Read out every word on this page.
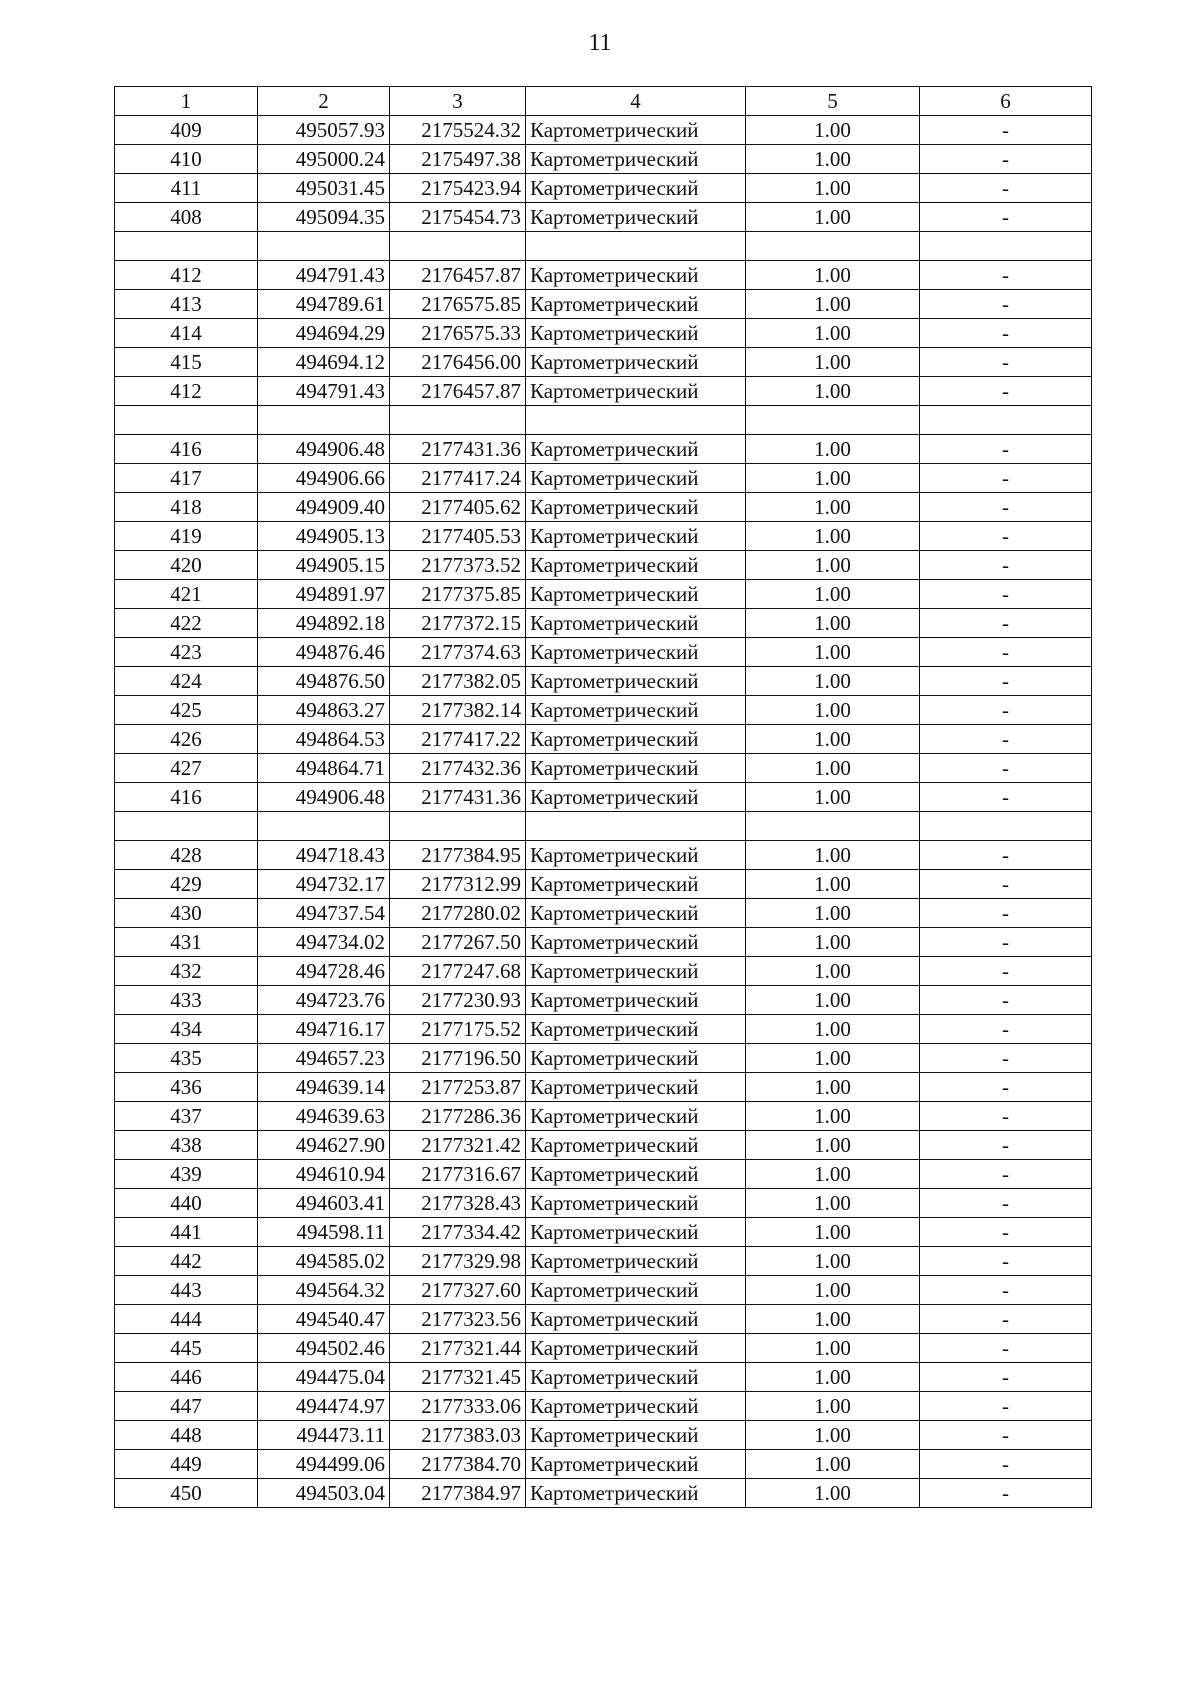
11
1	2	3	4	5	6
409	495057.93	2175524.32	Картометрический	1.00	-
410	495000.24	2175497.38	Картометрический	1.00	-
411	495031.45	2175423.94	Картометрический	1.00	-
408	495094.35	2175454.73	Картометрический	1.00	-

412	494791.43	2176457.87	Картометрический	1.00	-
413	494789.61	2176575.85	Картометрический	1.00	-
414	494694.29	2176575.33	Картометрический	1.00	-
415	494694.12	2176456.00	Картометрический	1.00	-
412	494791.43	2176457.87	Картометрический	1.00	-

416	494906.48	2177431.36	Картометрический	1.00	-
417	494906.66	2177417.24	Картометрический	1.00	-
418	494909.40	2177405.62	Картометрический	1.00	-
419	494905.13	2177405.53	Картометрический	1.00	-
420	494905.15	2177373.52	Картометрический	1.00	-
421	494891.97	2177375.85	Картометрический	1.00	-
422	494892.18	2177372.15	Картометрический	1.00	-
423	494876.46	2177374.63	Картометрический	1.00	-
424	494876.50	2177382.05	Картометрический	1.00	-
425	494863.27	2177382.14	Картометрический	1.00	-
426	494864.53	2177417.22	Картометрический	1.00	-
427	494864.71	2177432.36	Картометрический	1.00	-
416	494906.48	2177431.36	Картометрический	1.00	-

428	494718.43	2177384.95	Картометрический	1.00	-
429	494732.17	2177312.99	Картометрический	1.00	-
430	494737.54	2177280.02	Картометрический	1.00	-
431	494734.02	2177267.50	Картометрический	1.00	-
432	494728.46	2177247.68	Картометрический	1.00	-
433	494723.76	2177230.93	Картометрический	1.00	-
434	494716.17	2177175.52	Картометрический	1.00	-
435	494657.23	2177196.50	Картометрический	1.00	-
436	494639.14	2177253.87	Картометрический	1.00	-
437	494639.63	2177286.36	Картометрический	1.00	-
438	494627.90	2177321.42	Картометрический	1.00	-
439	494610.94	2177316.67	Картометрический	1.00	-
440	494603.41	2177328.43	Картометрический	1.00	-
441	494598.11	2177334.42	Картометрический	1.00	-
442	494585.02	2177329.98	Картометрический	1.00	-
443	494564.32	2177327.60	Картометрический	1.00	-
444	494540.47	2177323.56	Картометрический	1.00	-
445	494502.46	2177321.44	Картометрический	1.00	-
446	494475.04	2177321.45	Картометрический	1.00	-
447	494474.97	2177333.06	Картометрический	1.00	-
448	494473.11	2177383.03	Картометрический	1.00	-
449	494499.06	2177384.70	Картометрический	1.00	-
450	494503.04	2177384.97	Картометрический	1.00	-
